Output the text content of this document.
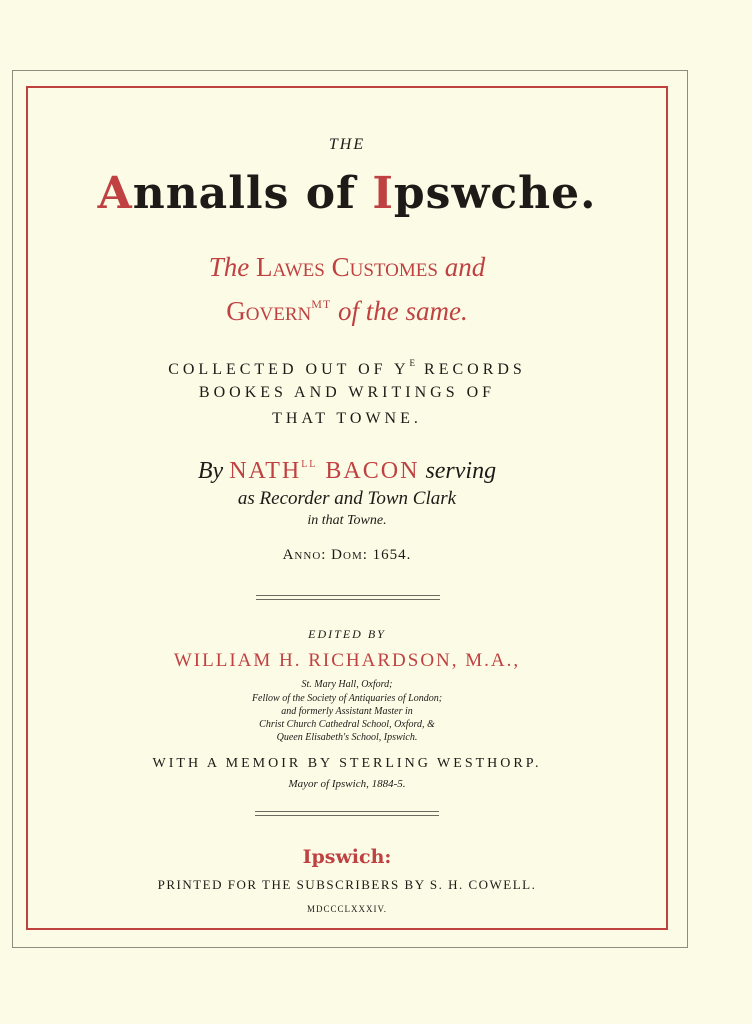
THE
Annalls of Ipswche.
The Lawes Customes and
Govern$^{MT}$ of the same.
COLLECTED OUT OF $Y^E$ RECORDS
BOOKES AND WRITINGS OF
THAT TOWNE.
By $NATH^{LL}$ BACON serving
as Recorder and Town Clark
in that Towne.
Anno: Dom: 1654.
EDITED BY
WILLIAM H. RICHARDSON, M.A.,
St. Mary Hall, Oxford;
Fellow of the Society of Antiquaries of London;
and formerly Assistant Master in
Christ Church Cathedral School, Oxford, &
Queen Elisabeth's School, Ipswich.
WITH A MEMOIR BY STERLING WESTHORP.
Mayor of Ipswich, 1884-5.
Ipswich:
PRINTED FOR THE SUBSCRIBERS BY S. H. COWELL.
MDCCCLXXXIV.
